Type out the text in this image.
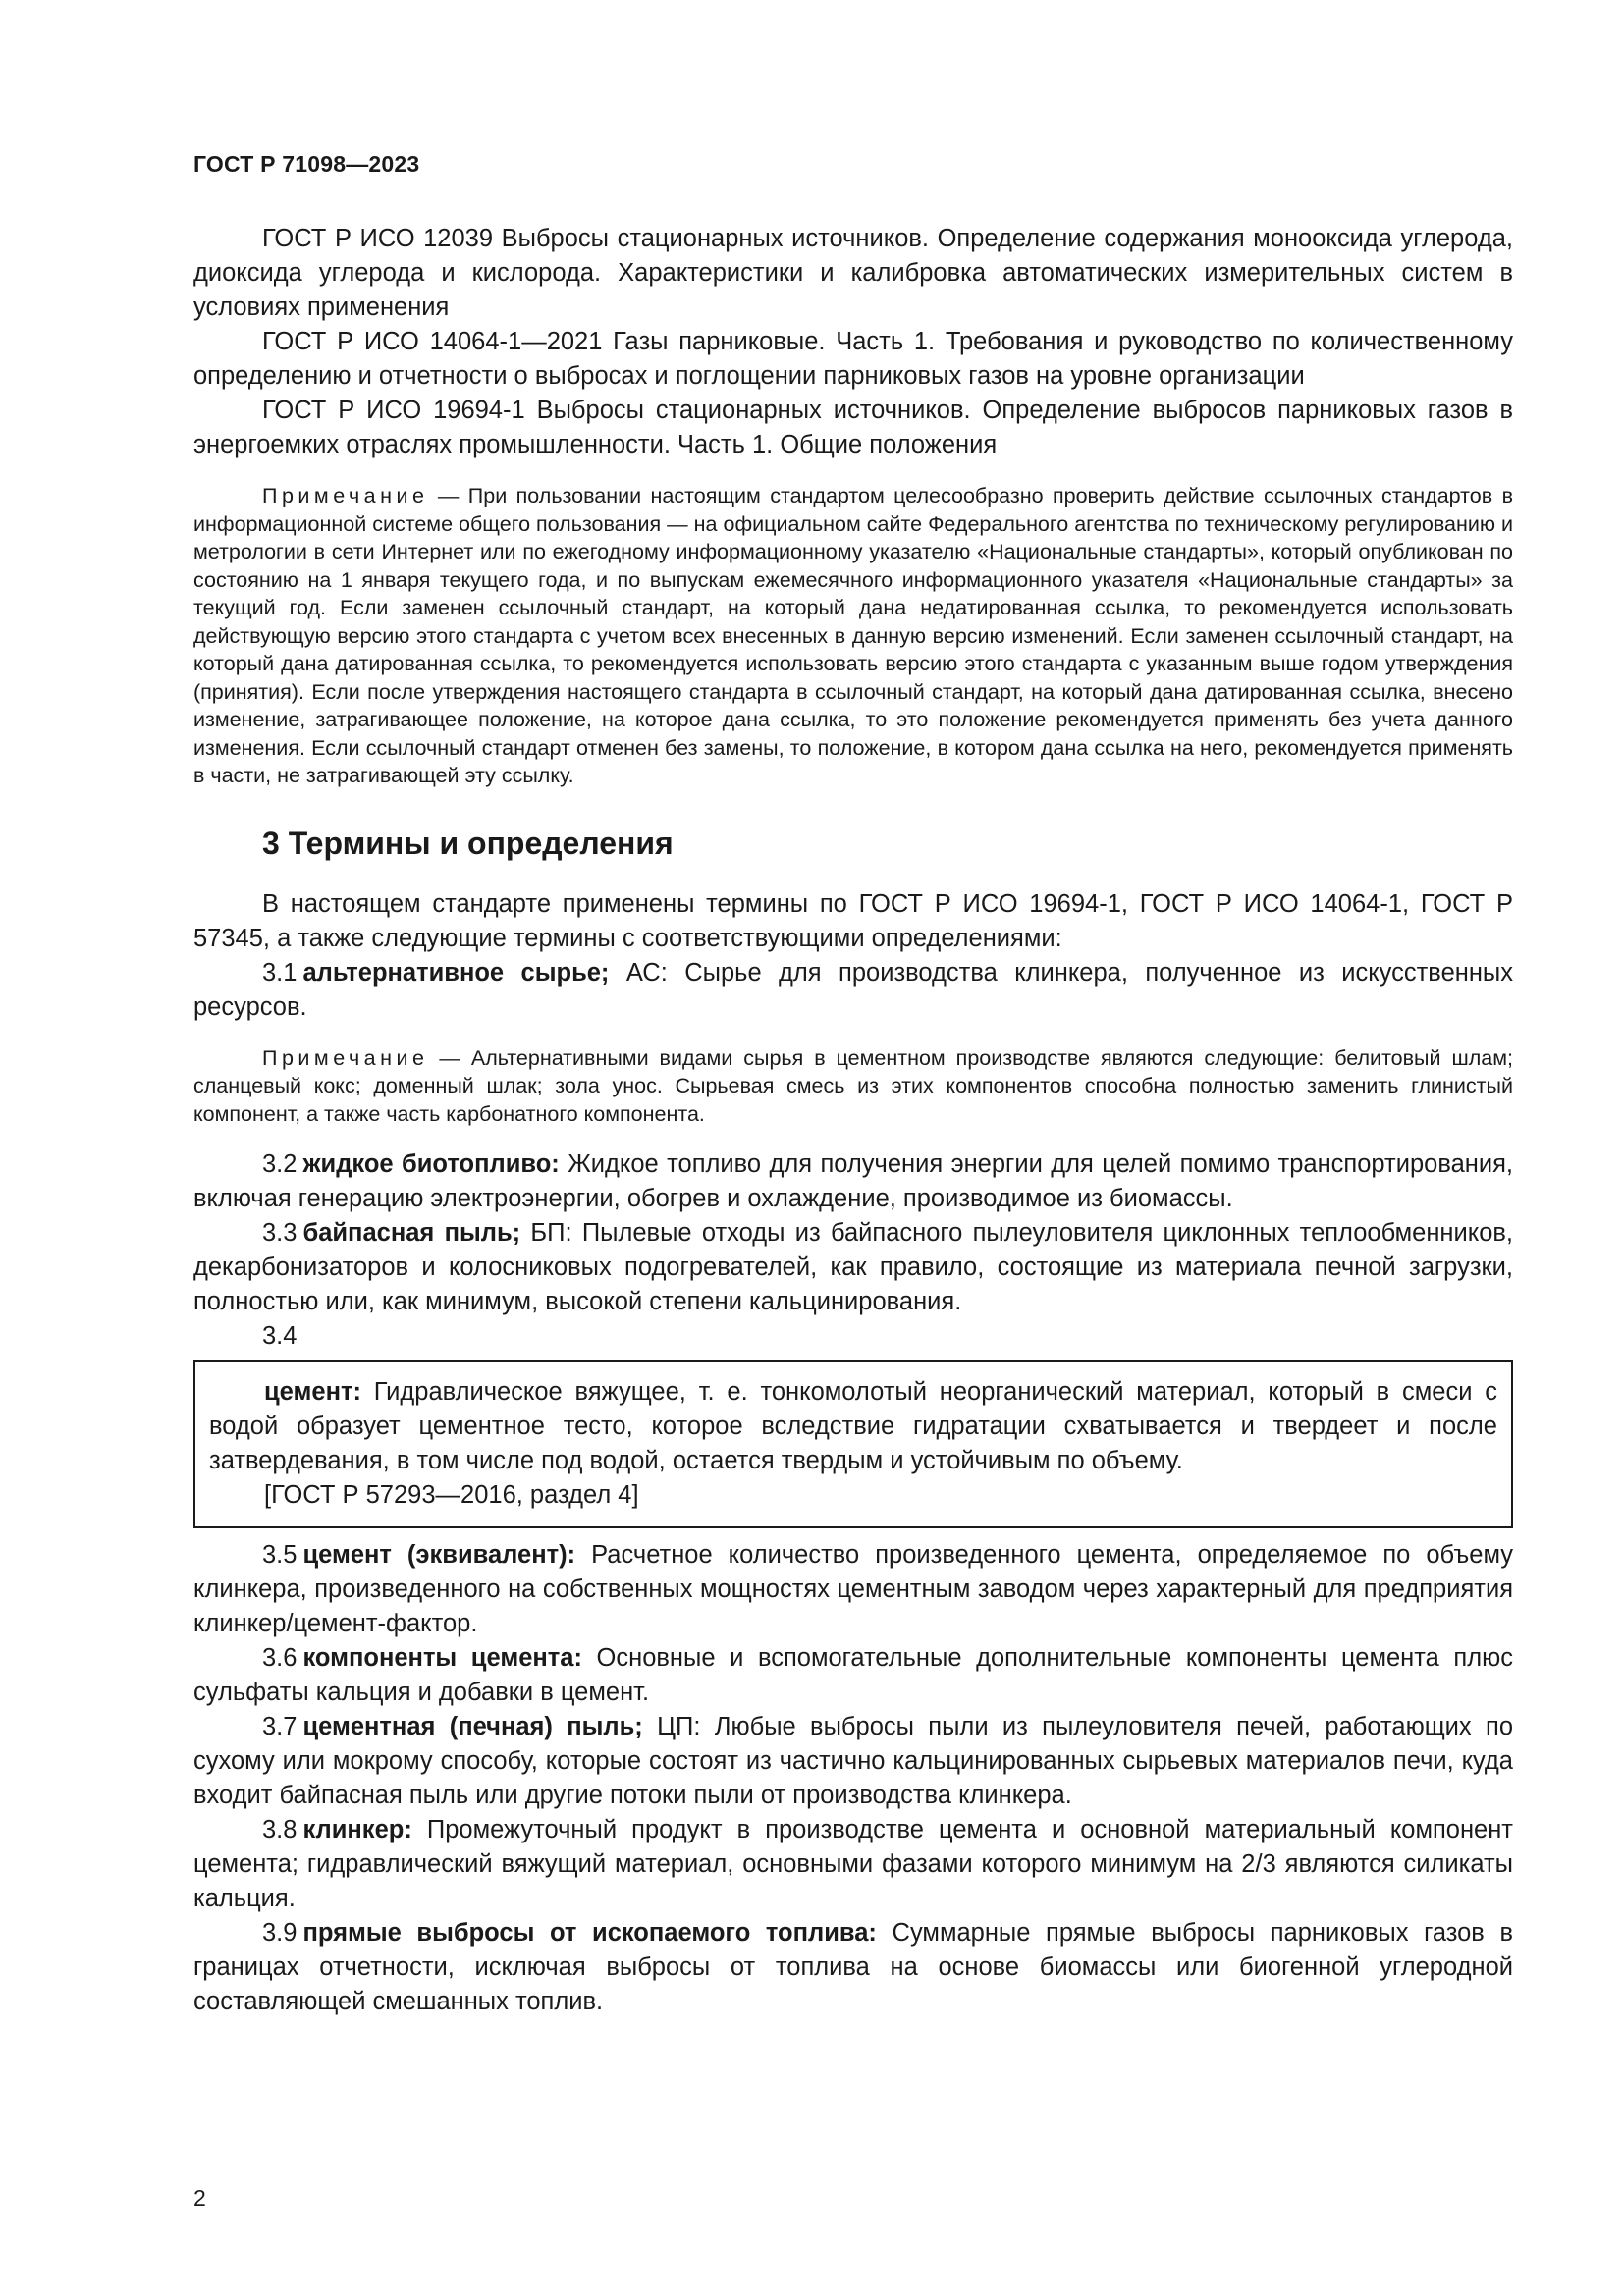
ГОСТ Р 71098—2023

ГОСТ Р ИСО 12039 Выбросы стационарных источников. Определение содержания монооксида углерода, диоксида углерода и кислорода. Характеристики и калибровка автоматических измерительных систем в условиях применения

ГОСТ Р ИСО 14064-1—2021 Газы парниковые. Часть 1. Требования и руководство по количественному определению и отчетности о выбросах и поглощении парниковых газов на уровне организации

ГОСТ Р ИСО 19694-1 Выбросы стационарных источников. Определение выбросов парниковых газов в энергоемких отраслях промышленности. Часть 1. Общие положения

Примечание — При пользовании настоящим стандартом целесообразно проверить действие ссылочных стандартов в информационной системе общего пользования — на официальном сайте Федерального агентства по техническому регулированию и метрологии в сети Интернет или по ежегодному информационному указателю «Национальные стандарты», который опубликован по состоянию на 1 января текущего года, и по выпускам ежемесячного информационного указателя «Национальные стандарты» за текущий год. Если заменен ссылочный стандарт, на который дана недатированная ссылка, то рекомендуется использовать действующую версию этого стандарта с учетом всех внесенных в данную версию изменений. Если заменен ссылочный стандарт, на который дана датированная ссылка, то рекомендуется использовать версию этого стандарта с указанным выше годом утверждения (принятия). Если после утверждения настоящего стандарта в ссылочный стандарт, на который дана датированная ссылка, внесено изменение, затрагивающее положение, на которое дана ссылка, то это положение рекомендуется применять без учета данного изменения. Если ссылочный стандарт отменен без замены, то положение, в котором дана ссылка на него, рекомендуется применять в части, не затрагивающей эту ссылку.

3 Термины и определения

В настоящем стандарте применены термины по ГОСТ Р ИСО 19694-1, ГОСТ Р ИСО 14064-1, ГОСТ Р 57345, а также следующие термины с соответствующими определениями:

3.1 альтернативное сырье; АС: Сырье для производства клинкера, полученное из искусственных ресурсов.

Примечание — Альтернативными видами сырья в цементном производстве являются следующие: белитовый шлам; сланцевый кокс; доменный шлак; зола унос. Сырьевая смесь из этих компонентов способна полностью заменить глинистый компонент, а также часть карбонатного компонента.

3.2 жидкое биотопливо: Жидкое топливо для получения энергии для целей помимо транспортирования, включая генерацию электроэнергии, обогрев и охлаждение, производимое из биомассы.

3.3 байпасная пыль; БП: Пылевые отходы из байпасного пылеуловителя циклонных теплообменников, декарбонизаторов и колосниковых подогревателей, как правило, состоящие из материала печной загрузки, полностью или, как минимум, высокой степени кальцинирования.

3.4

цемент: Гидравлическое вяжущее, т. е. тонкомолотый неорганический материал, который в смеси с водой образует цементное тесто, которое вследствие гидратации схватывается и твердеет и после затвердевания, в том числе под водой, остается твердым и устойчивым по объему.

[ГОСТ Р 57293—2016, раздел 4]

3.5 цемент (эквивалент): Расчетное количество произведенного цемента, определяемое по объему клинкера, произведенного на собственных мощностях цементным заводом через характерный для предприятия клинкер/цемент-фактор.

3.6 компоненты цемента: Основные и вспомогательные дополнительные компоненты цемента плюс сульфаты кальция и добавки в цемент.

3.7 цементная (печная) пыль; ЦП: Любые выбросы пыли из пылеуловителя печей, работающих по сухому или мокрому способу, которые состоят из частично кальцинированных сырьевых материалов печи, куда входит байпасная пыль или другие потоки пыли от производства клинкера.

3.8 клинкер: Промежуточный продукт в производстве цемента и основной материальный компонент цемента; гидравлический вяжущий материал, основными фазами которого минимум на 2/3 являются силикаты кальция.

3.9 прямые выбросы от ископаемого топлива: Суммарные прямые выбросы парниковых газов в границах отчетности, исключая выбросы от топлива на основе биомассы или биогенной углеродной составляющей смешанных топлив.

2
